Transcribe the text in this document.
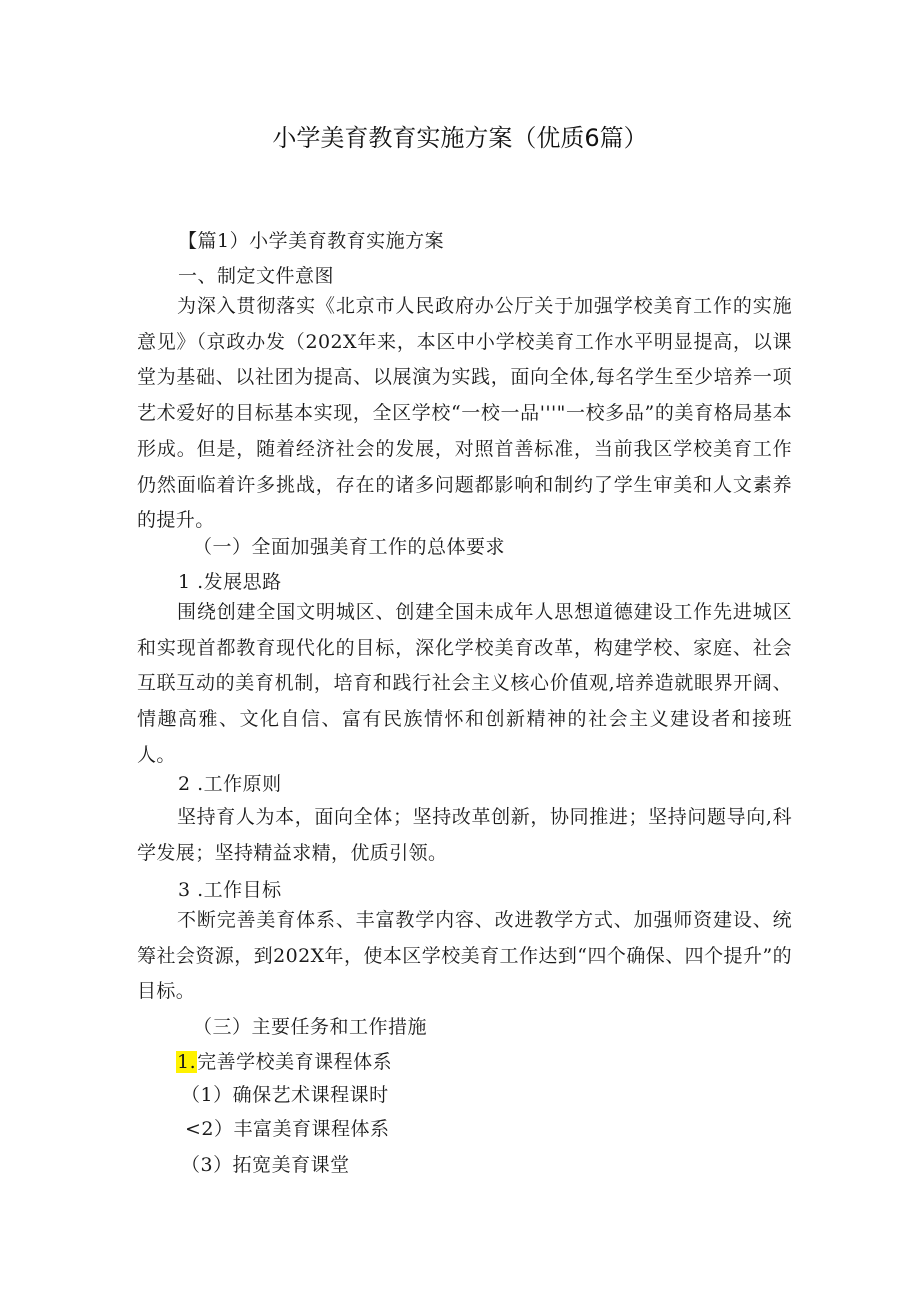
小学美育教育实施方案（优质6篇）
【篇1）小学美育教育实施方案
一、制定文件意图
为深入贯彻落实《北京市人民政府办公厅关于加强学校美育工作的实施意见》（京政办发（202X年来，本区中小学校美育工作水平明显提高，以课堂为基础、以社团为提高、以展演为实践，面向全体,每名学生至少培养一项艺术爱好的目标基本实现，全区学校“一校一品'''"一校多品”的美育格局基本形成。但是，随着经济社会的发展，对照首善标准，当前我区学校美育工作仍然面临着许多挑战，存在的诸多问题都影响和制约了学生审美和人文素养的提升。
（一）全面加强美育工作的总体要求
1 .发展思路
围绕创建全国文明城区、创建全国未成年人思想道德建设工作先进城区和实现首都教育现代化的目标，深化学校美育改革，构建学校、家庭、社会互联互动的美育机制，培育和践行社会主义核心价值观,培养造就眼界开阔、情趣高雅、文化自信、富有民族情怀和创新精神的社会主义建设者和接班人。
2 .工作原则
坚持育人为本，面向全体；坚持改革创新，协同推进；坚持问题导向,科学发展；坚持精益求精，优质引领。
3 .工作目标
不断完善美育体系、丰富教学内容、改进教学方式、加强师资建设、统筹社会资源，到202X年，使本区学校美育工作达到“四个确保、四个提升”的目标。
（三）主要任务和工作措施
1.完善学校美育课程体系
（1）确保艺术课程课时
<2）丰富美育课程体系
（3）拓宽美育课堂
